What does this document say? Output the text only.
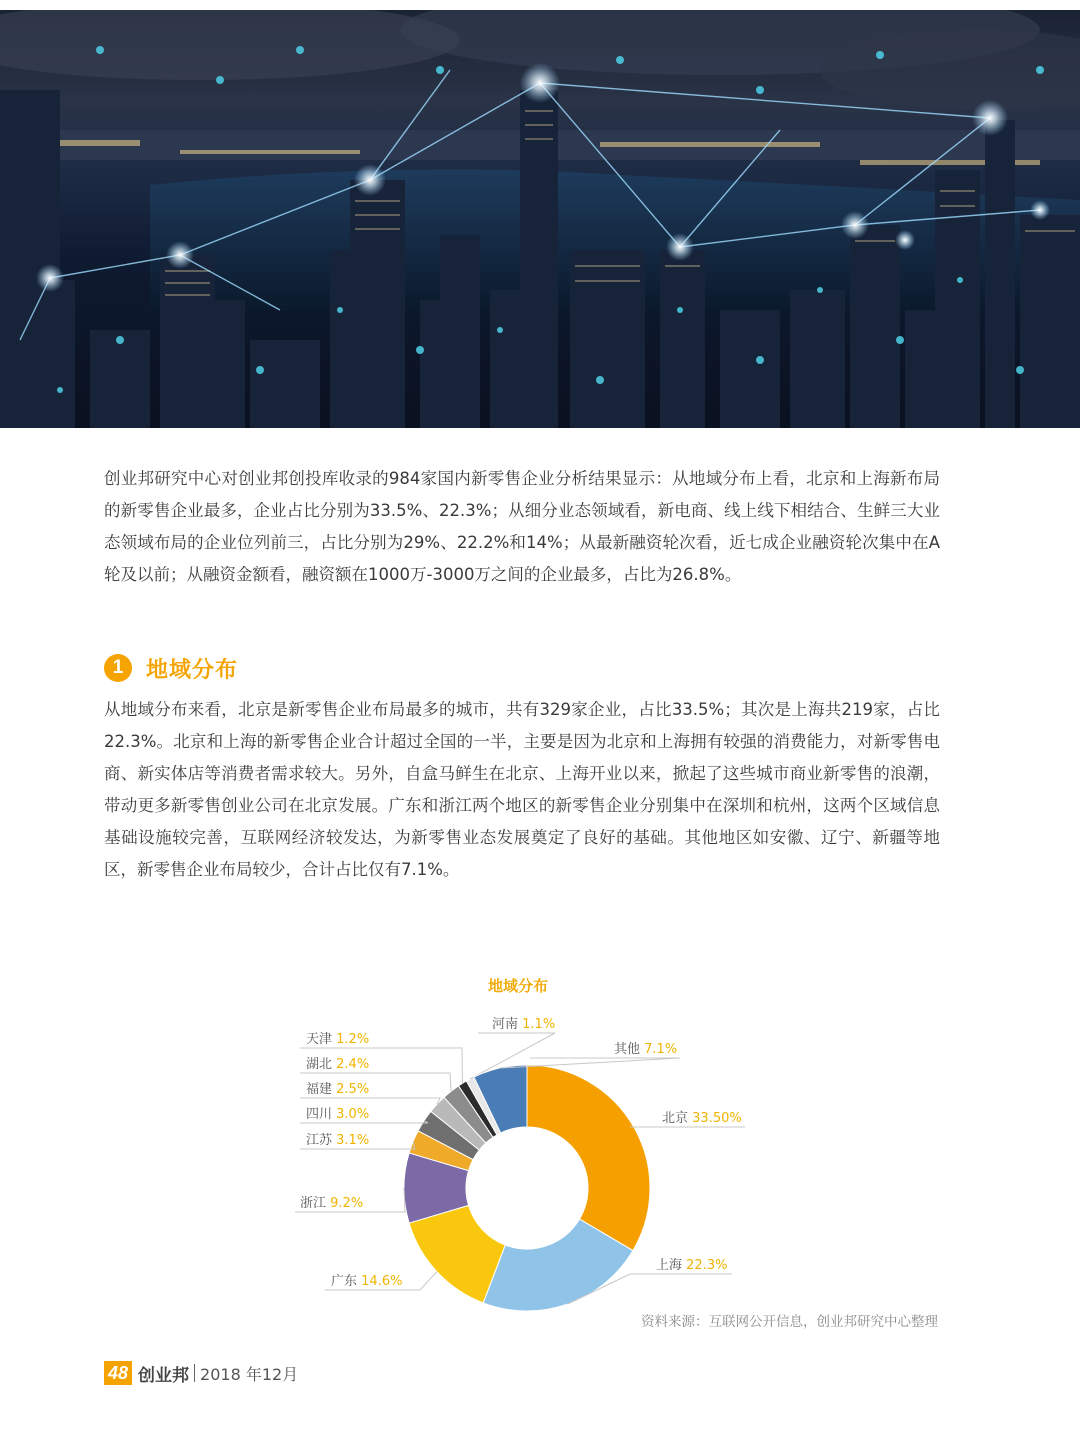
创业邦研究中心对创业邦创投库收录的984家国内新零售企业分析结果显示：从地域分布上看，北京和上海新布局的新零售企业最多，企业占比分别为33.5%、22.3%；从细分业态领域看，新电商、线上线下相结合、生鲜三大业态领域布局的企业位列前三，占比分别为29%、22.2%和14%；从最新融资轮次看，近七成企业融资轮次集中在A轮及以前；从融资金额看，融资额在1000万-3000万之间的企业最多，占比为26.8%。

1	地域分布

从地域分布来看，北京是新零售企业布局最多的城市，共有329家企业，占比33.5%；其次是上海共219家，占比22.3%。北京和上海的新零售企业合计超过全国的一半，主要是因为北京和上海拥有较强的消费能力，对新零售电商、新实体店等消费者需求较大。另外，自盒马鲜生在北京、上海开业以来，掀起了这些城市商业新零售的浪潮，带动更多新零售创业公司在北京发展。广东和浙江两个地区的新零售企业分别集中在深圳和杭州，这两个区域信息基础设施较完善，互联网经济较发达，为新零售业态发展奠定了良好的基础。其他地区如安徽、辽宁、新疆等地区，新零售企业布局较少，合计占比仅有7.1%。

地域分布
北京 33.50%
上海 22.3%
广东 14.6%
浙江 9.2%
江苏 3.1%
四川 3.0%
福建 2.5%
湖北 2.4%
天津 1.2%
河南 1.1%
其他 7.1%
资料来源：互联网公开信息，创业邦研究中心整理
48 创业邦 2018 年12月
